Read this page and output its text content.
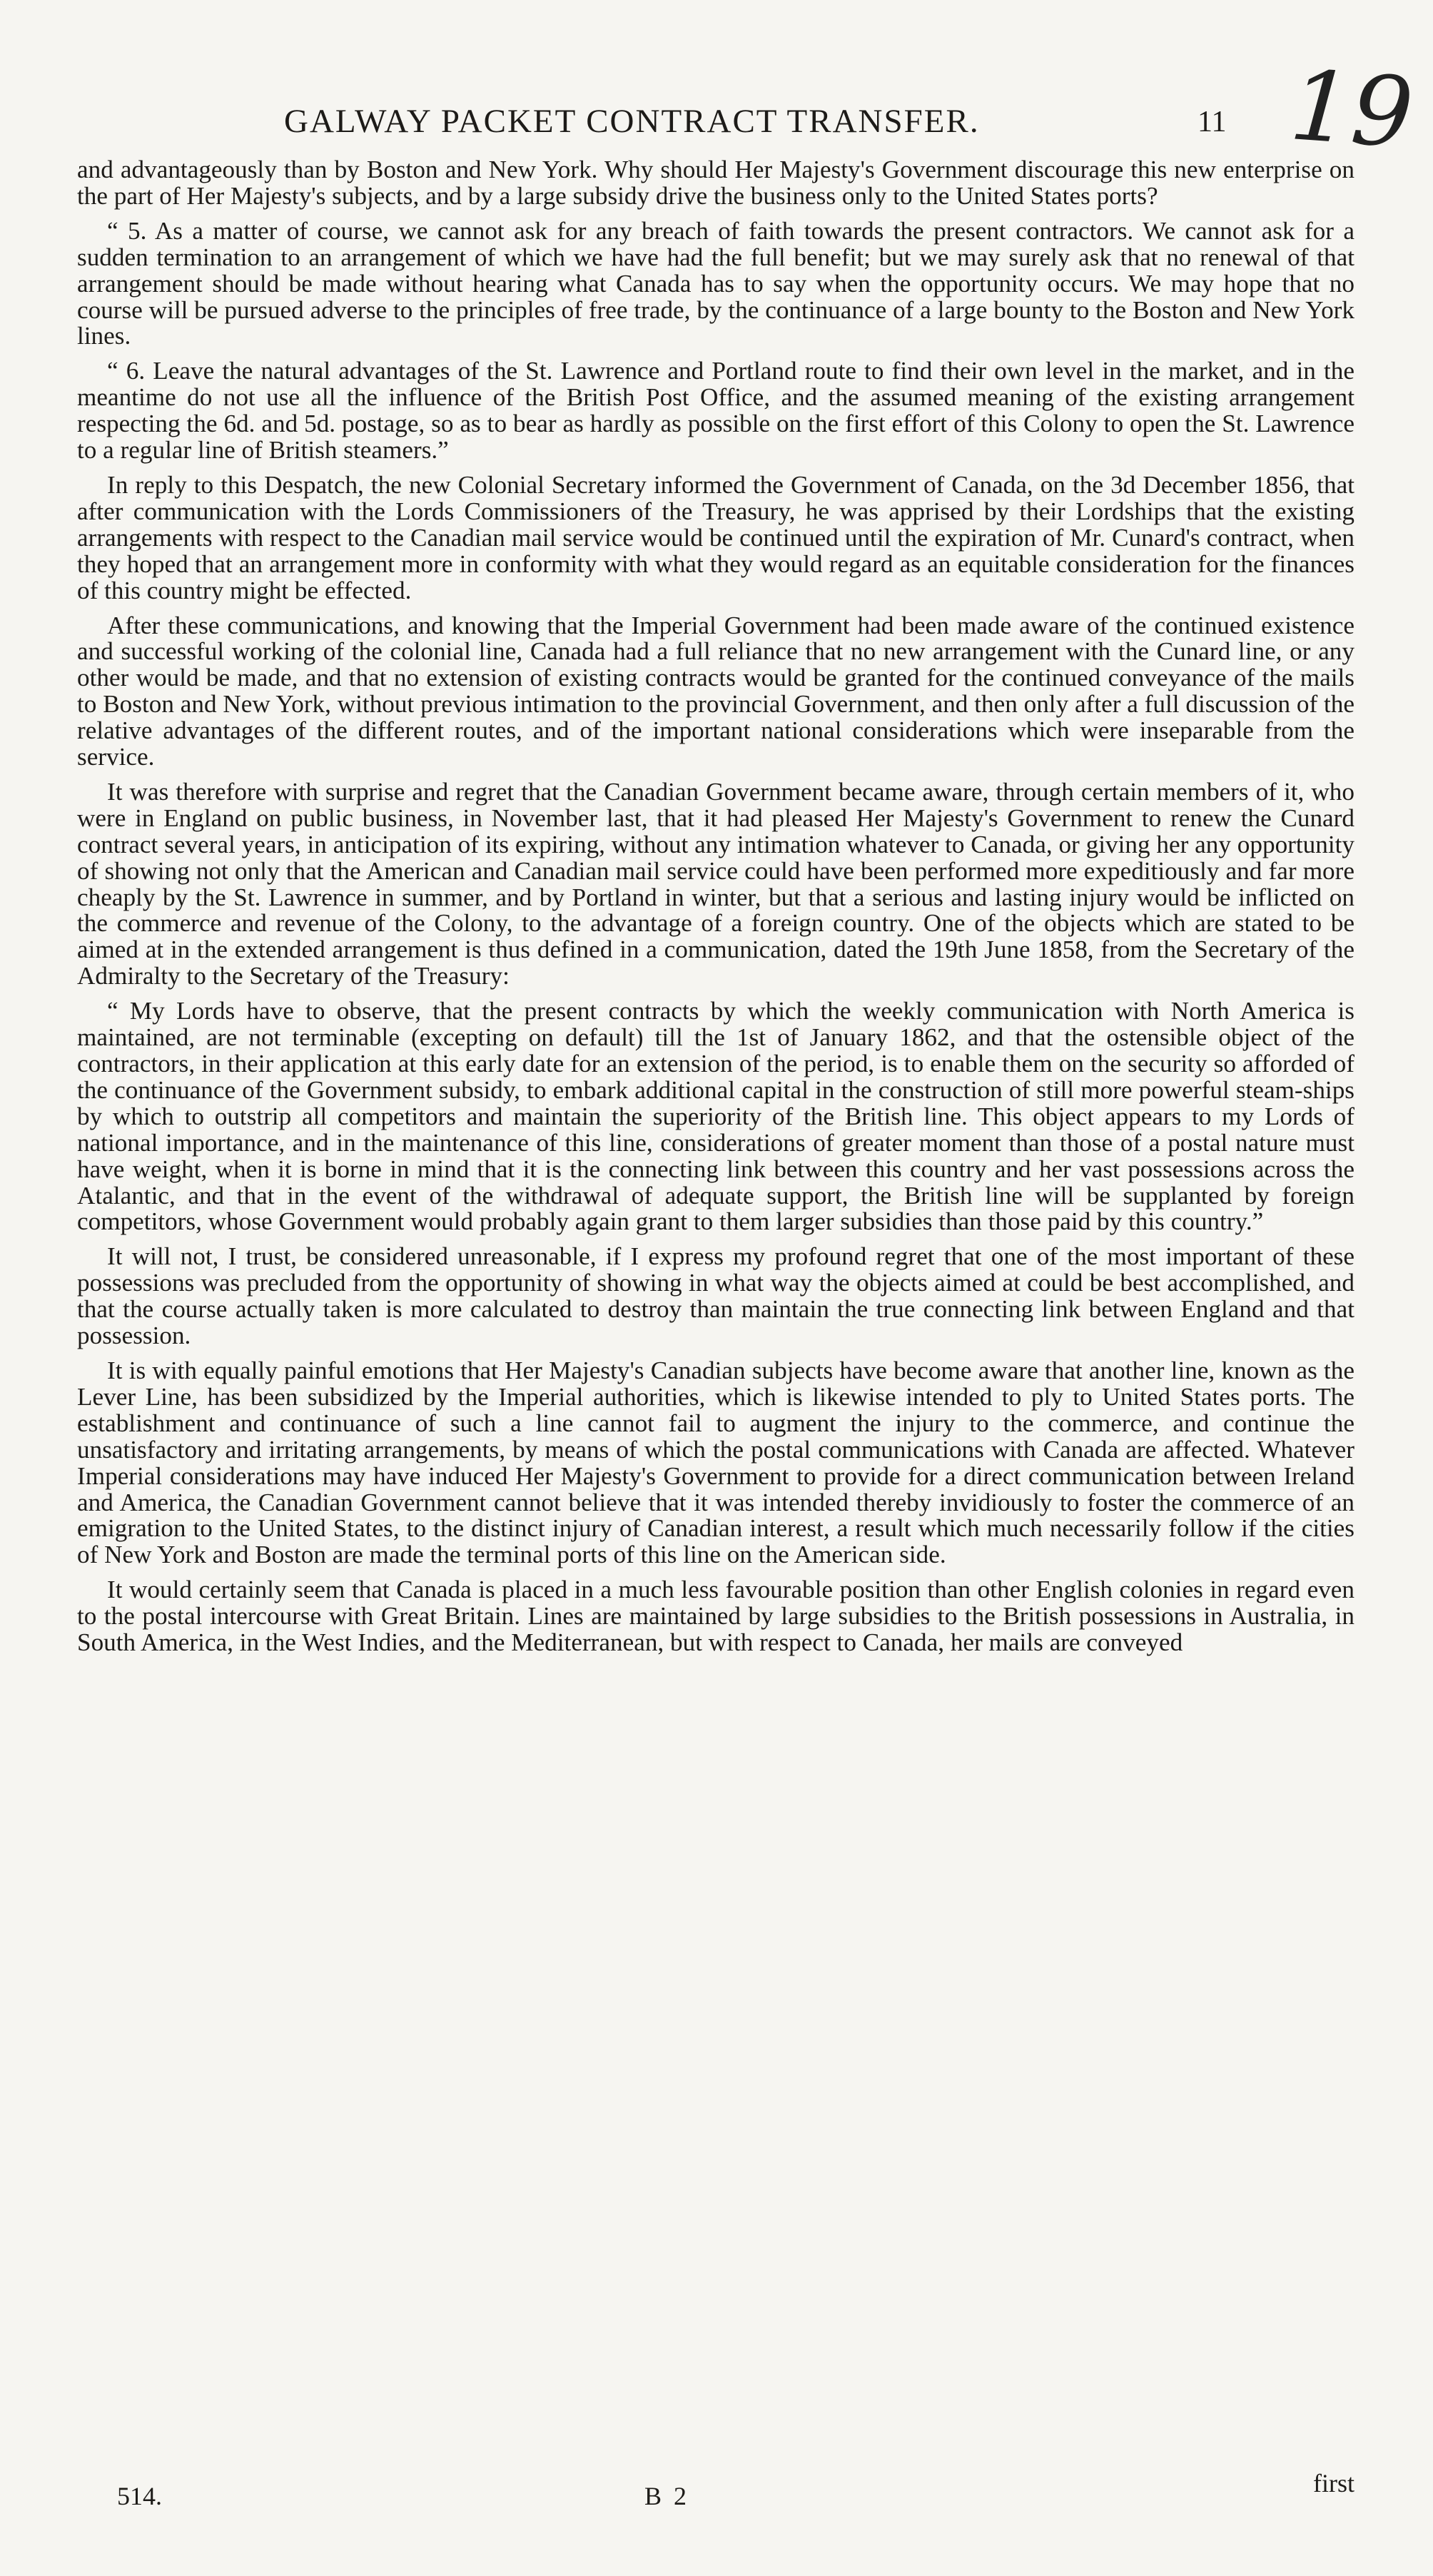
GALWAY PACKET CONTRACT TRANSFER.	11 19

and advantageously than by Boston and New York. Why should Her Majesty's Government discourage this new enterprise on the part of Her Majesty's subjects, and by a large subsidy drive the business only to the United States ports?

“ 5. As a matter of course, we cannot ask for any breach of faith towards the present contractors. We cannot ask for a sudden termination to an arrangement of which we have had the full benefit; but we may surely ask that no renewal of that arrangement should be made without hearing what Canada has to say when the opportunity occurs. We may hope that no course will be pursued adverse to the principles of free trade, by the continuance of a large bounty to the Boston and New York lines.

“ 6. Leave the natural advantages of the St. Lawrence and Portland route to find their own level in the market, and in the meantime do not use all the influence of the British Post Office, and the assumed meaning of the existing arrangement respecting the 6d. and 5d. postage, so as to bear as hardly as possible on the first effort of this Colony to open the St. Lawrence to a regular line of British steamers.”

In reply to this Despatch, the new Colonial Secretary informed the Government of Canada, on the 3d December 1856, that after communication with the Lords Commissioners of the Treasury, he was apprised by their Lordships that the existing arrangements with respect to the Canadian mail service would be continued until the expiration of Mr. Cunard's contract, when they hoped that an arrangement more in conformity with what they would regard as an equitable consideration for the finances of this country might be effected.

After these communications, and knowing that the Imperial Government had been made aware of the continued existence and successful working of the colonial line, Canada had a full reliance that no new arrangement with the Cunard line, or any other would be made, and that no extension of existing contracts would be granted for the continued conveyance of the mails to Boston and New York, without previous intimation to the provincial Government, and then only after a full discussion of the relative advantages of the different routes, and of the important national considerations which were inseparable from the service.

It was therefore with surprise and regret that the Canadian Government became aware, through certain members of it, who were in England on public business, in November last, that it had pleased Her Majesty's Government to renew the Cunard contract several years, in anticipation of its expiring, without any intimation whatever to Canada, or giving her any opportunity of showing not only that the American and Canadian mail service could have been performed more expeditiously and far more cheaply by the St. Lawrence in summer, and by Portland in winter, but that a serious and lasting injury would be inflicted on the commerce and revenue of the Colony, to the advantage of a foreign country. One of the objects which are stated to be aimed at in the extended arrangement is thus defined in a communication, dated the 19th June 1858, from the Secretary of the Admiralty to the Secretary of the Treasury:

“ My Lords have to observe, that the present contracts by which the weekly communication with North America is maintained, are not terminable (excepting on default) till the 1st of January 1862, and that the ostensible object of the contractors, in their application at this early date for an extension of the period, is to enable them on the security so afforded of the continuance of the Government subsidy, to embark additional capital in the construction of still more powerful steam-ships by which to outstrip all competitors and maintain the superiority of the British line. This object appears to my Lords of national importance, and in the maintenance of this line, considerations of greater moment than those of a postal nature must have weight, when it is borne in mind that it is the connecting link between this country and her vast possessions across the Atalantic, and that in the event of the withdrawal of adequate support, the British line will be supplanted by foreign competitors, whose Government would probably again grant to them larger subsidies than those paid by this country.”

It will not, I trust, be considered unreasonable, if I express my profound regret that one of the most important of these possessions was precluded from the opportunity of showing in what way the objects aimed at could be best accomplished, and that the course actually taken is more calculated to destroy than maintain the true connecting link between England and that possession.

It is with equally painful emotions that Her Majesty's Canadian subjects have become aware that another line, known as the Lever Line, has been subsidized by the Imperial authorities, which is likewise intended to ply to United States ports. The establishment and continuance of such a line cannot fail to augment the injury to the commerce, and continue the unsatisfactory and irritating arrangements, by means of which the postal communications with Canada are affected. Whatever Imperial considerations may have induced Her Majesty's Government to provide for a direct communication between Ireland and America, the Canadian Government cannot believe that it was intended thereby invidiously to foster the commerce of an emigration to the United States, to the distinct injury of Canadian interest, a result which much necessarily follow if the cities of New York and Boston are made the terminal ports of this line on the American side.

It would certainly seem that Canada is placed in a much less favourable position than other English colonies in regard even to the postal intercourse with Great Britain. Lines are maintained by large subsidies to the British possessions in Australia, in South America, in the West Indies, and the Mediterranean, but with respect to Canada, her mails are conveyed

514.	B 2	first
